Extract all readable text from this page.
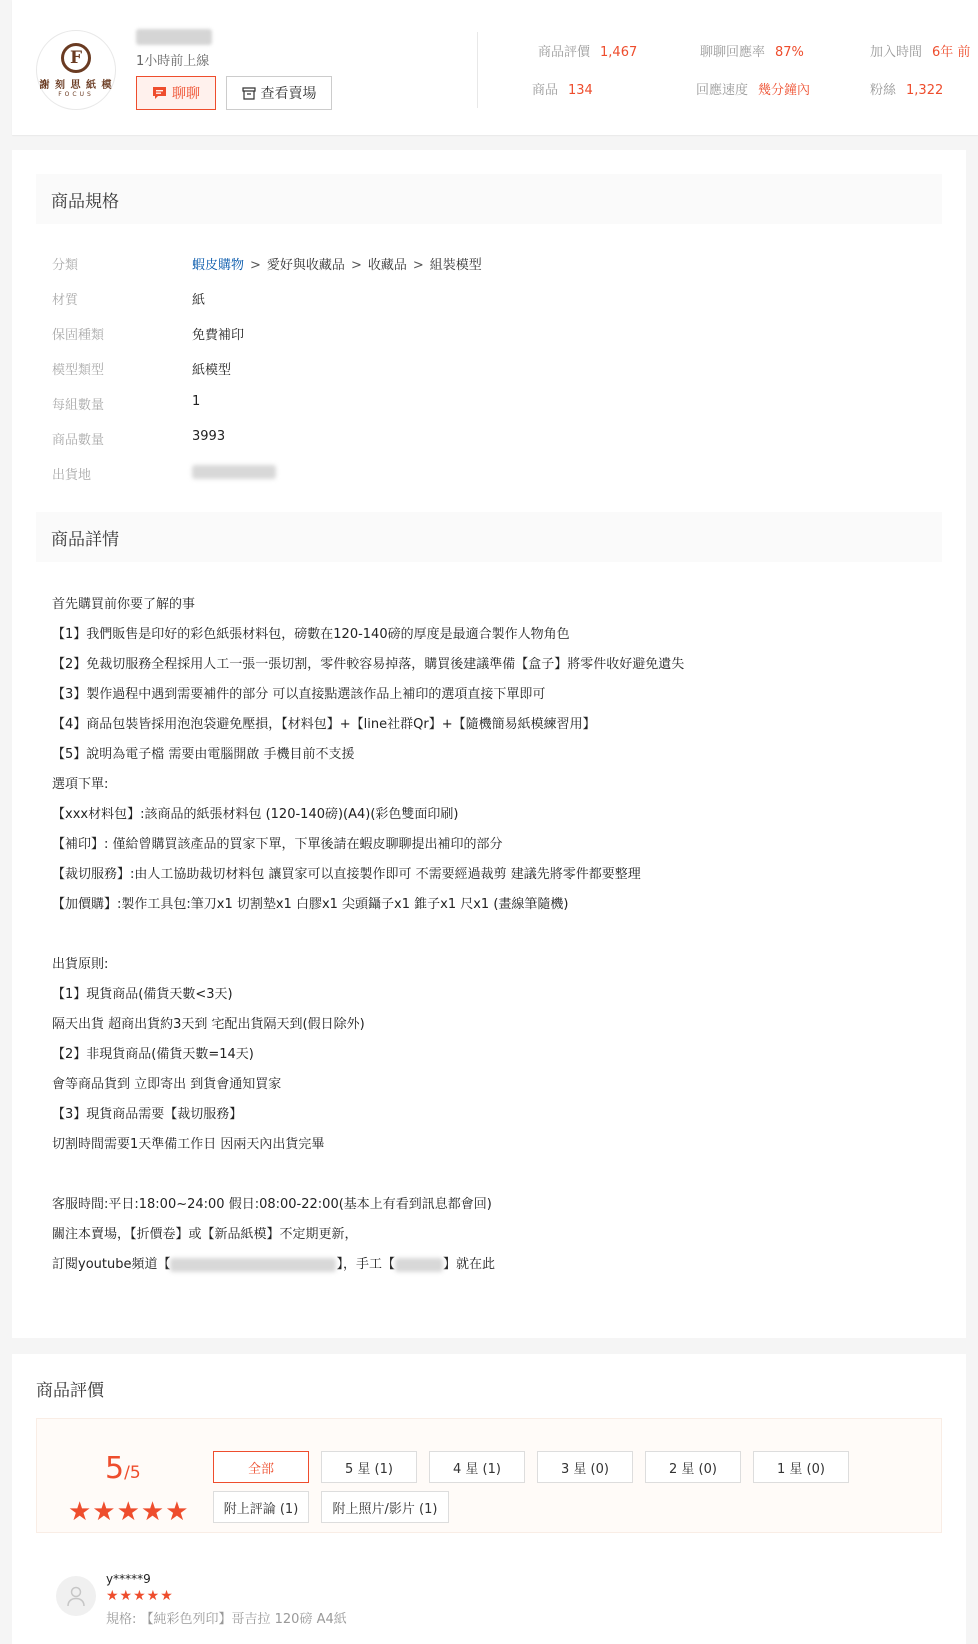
F
謝 刻 思 紙 模
FOCUS
1小時前上線
聊聊	查看賣場
商品評價 1,467
商品 134
聊聊回應率 87%
回應速度 幾分鐘內
加入時間 6年 前
粉絲 1,322
商品規格
分類	蝦皮購物 > 愛好與收藏品 > 收藏品 > 組裝模型
材質	紙
保固種類	免費補印
模型類型	紙模型
每組數量	1
商品數量	3993
出貨地
商品詳情
首先購買前你要了解的事
【1】我們販售是印好的彩色紙張材料包，磅數在120-140磅的厚度是最適合製作人物角色
【2】免裁切服務全程採用人工一張一張切割，零件較容易掉落，購買後建議準備【盒子】將零件收好避免遺失
【3】製作過程中遇到需要補件的部分 可以直接點選該作品上補印的選項直接下單即可
【4】商品包裝皆採用泡泡袋避免壓損，【材料包】+【line社群Qr】+【隨機簡易紙模練習用】
【5】說明為電子檔 需要由電腦開啟 手機目前不支援
選項下單:
【xxx材料包】:該商品的紙張材料包 (120-140磅)(A4)(彩色雙面印刷)
【補印】: 僅給曾購買該產品的買家下單，下單後請在蝦皮聊聊提出補印的部分
【裁切服務】:由人工協助裁切材料包 讓買家可以直接製作即可 不需要經過裁剪 建議先將零件都要整理
【加價購】:製作工具包:筆刀x1 切割墊x1 白膠x1 尖頭鑷子x1 錐子x1 尺x1 (畫線筆隨機)
出貨原則:
【1】現貨商品(備貨天數<3天)
隔天出貨 超商出貨約3天到 宅配出貨隔天到(假日除外)
【2】非現貨商品(備貨天數=14天)
會等商品貨到 立即寄出 到貨會通知買家
【3】現貨商品需要【裁切服務】
切割時間需要1天準備工作日 因兩天內出貨完畢
客服時間:平日:18:00~24:00 假日:08:00-22:00(基本上有看到訊息都會回)
關注本賣場，【折價卷】或【新品紙模】不定期更新，
訂閱youtube頻道【	】，手工【	】就在此
商品評價
5/5
★★★★★
全部	5 星 (1)	4 星 (1)	3 星 (0)	2 星 (0)	1 星 (0)
附上評論 (1)	附上照片/影片 (1)
y*****9
★★★★★
規格: 【純彩色列印】哥吉拉 120磅 A4紙
